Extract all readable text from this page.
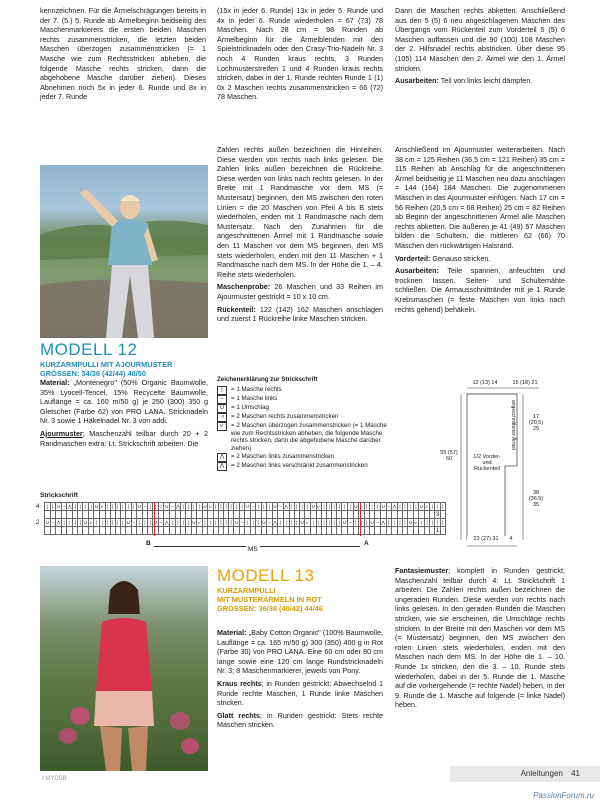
kennzeichnen. Für die Ärmelschrägungen bereits in der 7. (5.) 5. Runde ab Ärmelbeginn beidseitig des Maschenmarkierers die ersten beiden Maschen rechts zusammenstricken, die letzten beiden Maschen überzogen zusammenstricken (= 1 Masche wie zum Rechtsstricken abheben, die folgende Masche rechts stricken, dann die abgehobene Masche darüber ziehen). Dieses Abnehmen noch 5x in jeder 6. Runde und 8x in jeder 7. Runde

(15x in jeder 6. Runde) 13x in jeder 5. Runde und 4x in jeder 6. Runde wiederholen = 67 (73) 78 Maschen. Nach 28 cm = 98 Runden ab Ärmelbeginn für die Ärmelblenden mit den Spielstricknadeln oder den Crasy-Trio-Nadeln Nr. 3 noch 4 Runden kraus rechts, 3 Runden Lochmusterstreifen 1 und 4 Runden kraus rechts stricken, dabei in der 1. Runde rechten Runde 1 (1) 0x 2 Maschen rechts zusammenstricken = 66 (72) 78 Maschen.

Dann die Maschen rechts abketten. Anschließend aus den 5 (5) 6 neu angeschlagenen Maschen des Übergangs vom Rückenteil zum Vorderteil 5 (5) 6 Maschen auffassen und die 90 (100) 108 Maschen der 2. Hilfsnadel rechts abstricken. Über diese 95 (105) 114 Maschen den 2. Ärmel wie den 1. Ärmel stricken.

Ausarbeiten: Teil von links leicht dämpfen.

MODELL 12
KURZARMPULLI MIT AJOURMUSTER
GRÖSSEN: 34/36 (42/44) 48/50

Material: „Montenegro" (50% Organic Baumwolle, 35% Lyocell-Tencel, 15% Recycelte Baumwolle, Lauflänge = ca. 160 m/50 g) je 250 (300) 350 g Gletscher (Farbe 62) von PRO LANA. Stricknadeln Nr. 3 sowie 1 Häkelnadel Nr. 3 von addi.

Ajourmuster; Maschenzahl teilbar durch 20 + 2 Randmaschen extra: Lt. Strickschrift arbeiten. Die

Zahlen rechts außen bezeichnen die Hinreihen. Diese werden von rechts nach links gelesen. Die Zahlen links außen bezeichnen die Rückreihe. Diese werden von links nach rechts gelesen. In der Breite mit 1 Randmasche vor dem MS (= Mustersatz) beginnen, den MS zwischen den roten Linien = die 20 Maschen von Pfeil A bis B stets wiederholen, enden mit 1 Randmasche nach dem Mustersatz. Nach den Zunahmen für die angeschnittenen Ärmel mit 1 Randmasche sowie den 11 Maschen vor dem MS beginnen, den MS stets wiederholen, enden mit den 11 Maschen + 1 Randmasche nach dem MS. In der Höhe die 1. – 4. Reihe stets wiederholen.

Maschenprobe: 26 Maschen und 33 Reihen im Ajourmuster gestrickt = 10 x 10 cm.

Rückenteil: 122 (142) 162 Maschen anschlagen und zuerst 1 Rückreihe linke Maschen stricken.

Anschließend im Ajourmuster weiterarbeiten. Nach 38 cm = 125 Reihen (36,5 cm = 121 Reihen) 35 cm = 115 Reihen ab Anschlag für die angeschnittenen Ärmel beidseitig je 11 Maschen neu dazu anschlagen = 144 (164) 184 Maschen. Die zugenommenen Maschen in das Ajourmuster einfügen. Nach 17 cm = 56 Reihen (20,5 cm = 68 Reihen) 25 cm = 82 Reihen ab Beginn der angeschnittenen Ärmel alle Maschen rechts abketten. Die äußeren je 41 (49) 57 Maschen bilden die Schultern, die mittleren 62 (66) 70 Maschen den rückwärtigen Halsrand.

Vorderteil: Genauso stricken.

Ausarbeiten: Teile spannen, anfeuchten und trocknen lassen. Seiten- und Schultemähte schließen. Die Armausschnittränder mit je 1 Runde Krebsmaschen (= feste Maschen von links nach rechts gehend) behäkeln.

Zeichenerklärung zur Strickschrift
|	= 1 Masche rechts
–	= 1 Masche links
U	= 1 Umschlag
⩘	= 2 Maschen rechts zusammenstricken
⩗	= 2 Maschen überzogen zusammenstricken (= 1 Masche wie zum Rechtsstricken abheben, die folgende Masche rechts stricken, dann die abgehobene Masche darüber ziehen)
⋀	= 2 Maschen links zusammenstricken
⋀	= 2 Maschen links verschränkt zusammenstricken
12 (13) 14	15 (18) 21
angeschnittener Ärmel	17 (20,5) 25
55 (57) 60	1/2 Vorder- und Rückenteil
38 (36,5) 35
23 (27) 31	4
Strickschrift
4
2
|	|	U	–	⋀	|	|	|	|	U	⩗	|	|	|	|	|	|	U	–	|	|	|	U	–	⋀	|	|	|	|	U	⩗	|	|	|	|	|	|	U	–	|	|	|	U	–	⋀	|	|	|	|	U	⩗	|	|	|	|	|	|	U	–	|	|	|	U	–	⋀	|	|	|	|	U	⩗	|	|	|

U	–	⋀	|	|	|	|	U	⩗	|	|	|	|	|	|	U	–	|	|	|	U	–	⋀	|	|	|	|	U	⩗	|	|	|	|	|	|	U	–	|	|	|	U	–	⋀	|	|	|	|	U	⩗	|	|	|	|	|	|	U	–	|	|	|	U	–	⋀	|	|	|	|	U	⩗	|	|	|	|	|

3
1
B	A
MS
MODELL 13
KURZARMPULLI
MIT MUSTERÄRMELN IN ROT
GRÖSSEN: 36/38 (40/42) 44/46

Material: „Baby Cotton Organic" (100% Baumwolle, Lauflänge = ca. 165 m/50 g) 300 (350) 400 g in Rot (Farbe 30) von PRO LANA. Eine 60 cm oder 80 cm lange sowie eine 120 cm lange Rundstricknadeln Nr. 3; 8 Maschenmarkierer, jeweils von Pony.

Kraus rechts; in Runden gestrickt: Abwechselnd 1 Runde rechte Maschen, 1 Runde linke Maschen stricken.

Glatt rechts; in Runden gestrickt: Stets rechte Maschen stricken.

Fantasiemuster; komplett in Runden gestrickt; Maschenzahl teilbar durch 4: Lt. Strickschrift 1 arbeiten. Die Zahlen rechts außen bezeichnen die ungeraden Runden. Diese werden von rechts nach links gelesen. In den geraden Runden die Maschen stricken, wie sie erscheinen, die Umschläge rechts stricken. In der Breite mit den Maschen vor dem MS (= Mustersatz) beginnen, den MS zwischen den roten Linien stets wiederholen, enden mit den Maschen nach dem MS. In der Höhe die 1. – 10. Runde 1x stricken, den die 3. – 10. Runde stets wiederholen, dabei in der 5. Runde die 1. Masche auf die vorhergehende (= rechte Nadel) heben, in der 9. Runde die 1. Masche auf folgende (= linke Nadel) heben.

f MYDSB
Anleitungen 41
PassionForum.ru
